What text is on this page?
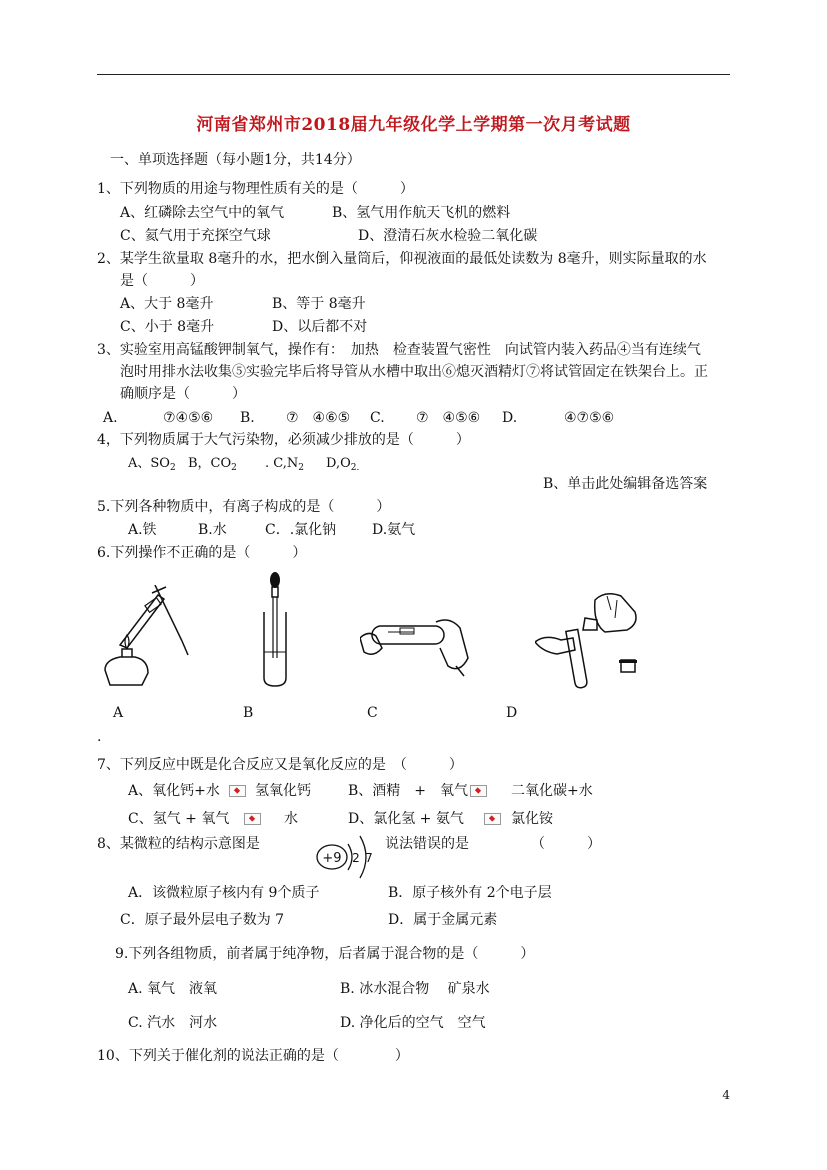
河南省郑州市2018届九年级化学上学期第一次月考试题
一、单项选择题（每小题1分，共14分）
1、下列物质的用途与物理性质有关的是（　　　）
A、红磷除去空气中的氧气	B、氢气用作航天飞机的燃料
C、氦气用于充探空气球	D、澄清石灰水检验二氧化碳
2、某学生欲量取 8毫升的水，把水倒入量筒后，仰视液面的最低处读数为 8毫升，则实际量取的水
是（　　　）
A、大于 8毫升	B、等于 8毫升
C、小于 8毫升	D、以后都不对
3、实验室用高锰酸钾制氧气，操作有：　加热　检查装置气密性　向试管内装入药品④当有连续气
泡时用排水法收集⑤实验完毕后将导管从水槽中取出⑥熄灭酒精灯⑦将试管固定在铁架台上。正
确顺序是（　　　）
A.	⑦④⑤⑥ B. ⑦　④⑥⑤ C. ⑦　④⑤⑥ D.	④⑦⑤⑥
4，下列物质属于大气污染物，必须减少排放的是（　　　）
A、$SO_2$ B，$CO_2$ . $C,N_2$ $D,O_{2.}$
B、单击此处编辑备选答案
5.下列各种物质中，有离子构成的是（　　　）
A.铁	B.水	C．.氯化钠	D.氨气
6.下列操作不正确的是（　　　）
A	B	C	D
.
7、下列反应中既是化合反应又是氧化反应的是　（　　　）
A、氧化钙+水	氢氧化钙	B、酒精　+　氧气	二氧化碳+水
C、氢气 + 氧气	水	D、氯化氢 + 氨气	氯化铵
8、某微粒的结构示意图是
+9 2 7
说法错误的是	（　　　）
A．该微粒原子核内有 9个质子	B．原子核外有 2个电子层
C．原子最外层电子数为 7	D．属于金属元素
9.下列各组物质，前者属于纯净物，后者属于混合物的是（　　　）
A. 氧气　液氧	B. 冰水混合物　 矿泉水
C. 汽水　河水	D. 净化后的空气　空气
10、下列关于催化剂的说法正确的是（　　　　）
4
